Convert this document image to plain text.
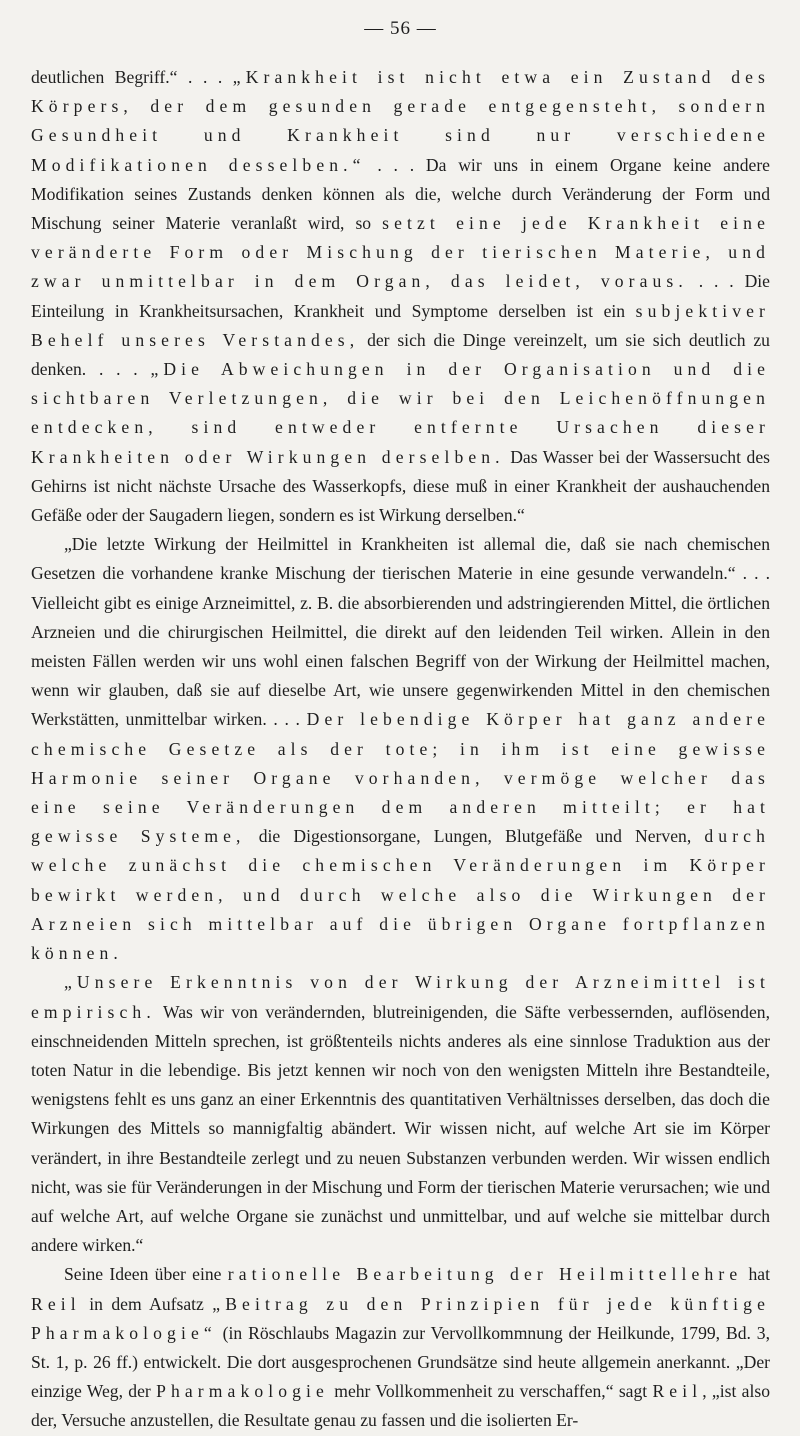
— 56 —

deutlichen Begriff.“ . . . „Krankheit ist nicht etwa ein Zustand des Körpers, der dem gesunden gerade entgegensteht, sondern Gesundheit und Krankheit sind nur verschiedene Modifikationen desselben.“ . . . Da wir uns in einem Organe keine andere Modifikation seines Zustands denken können als die, welche durch Veränderung der Form und Mischung seiner Materie veranlaßt wird, so setzt eine jede Krankheit eine veränderte Form oder Mischung der tierischen Materie, und zwar unmittelbar in dem Organ, das leidet, voraus. . . . Die Einteilung in Krankheitsursachen, Krankheit und Symptome derselben ist ein subjektiver Behelf unseres Verstandes, der sich die Dinge vereinzelt, um sie sich deutlich zu denken. . . . „Die Abweichungen in der Organisation und die sichtbaren Verletzungen, die wir bei den Leichenöffnungen entdecken, sind entweder entfernte Ursachen dieser Krankheiten oder Wirkungen derselben. Das Wasser bei der Wassersucht des Gehirns ist nicht nächste Ursache des Wasserkopfs, diese muß in einer Krankheit der aushauchenden Gefäße oder der Saugadern liegen, sondern es ist Wirkung derselben.“

„Die letzte Wirkung der Heilmittel in Krankheiten ist allemal die, daß sie nach chemischen Gesetzen die vorhandene kranke Mischung der tierischen Materie in eine gesunde verwandeln.“ . . . Vielleicht gibt es einige Arzneimittel, z. B. die absorbierenden und adstringierenden Mittel, die örtlichen Arzneien und die chirurgischen Heilmittel, die direkt auf den leidenden Teil wirken. Allein in den meisten Fällen werden wir uns wohl einen falschen Begriff von der Wirkung der Heilmittel machen, wenn wir glauben, daß sie auf dieselbe Art, wie unsere gegenwirkenden Mittel in den chemischen Werkstätten, unmittelbar wirken. . . . Der lebendige Körper hat ganz andere chemische Gesetze als der tote; in ihm ist eine gewisse Harmonie seiner Organe vorhanden, vermöge welcher das eine seine Veränderungen dem anderen mitteilt; er hat gewisse Systeme, die Digestionsorgane, Lungen, Blutgefäße und Nerven, durch welche zunächst die chemischen Veränderungen im Körper bewirkt werden, und durch welche also die Wirkungen der Arzneien sich mittelbar auf die übrigen Organe fortpflanzen können.

„Unsere Erkenntnis von der Wirkung der Arzneimittel ist empirisch. Was wir von verändernden, blutreinigenden, die Säfte verbessernden, auflösenden, einschneidenden Mitteln sprechen, ist größtenteils nichts anderes als eine sinnlose Traduktion aus der toten Natur in die lebendige. Bis jetzt kennen wir noch von den wenigsten Mitteln ihre Bestandteile, wenigstens fehlt es uns ganz an einer Erkenntnis des quantitativen Verhältnisses derselben, das doch die Wirkungen des Mittels so mannigfaltig abändert. Wir wissen nicht, auf welche Art sie im Körper verändert, in ihre Bestandteile zerlegt und zu neuen Substanzen verbunden werden. Wir wissen endlich nicht, was sie für Veränderungen in der Mischung und Form der tierischen Materie verursachen; wie und auf welche Art, auf welche Organe sie zunächst und unmittelbar, und auf welche sie mittelbar durch andere wirken.“

Seine Ideen über eine rationelle Bearbeitung der Heilmittellehre hat Reil in dem Aufsatz „Beitrag zu den Prinzipien für jede künftige Pharmakologie“ (in Röschlaubs Magazin zur Vervollkommnung der Heilkunde, 1799, Bd. 3, St. 1, p. 26 ff.) entwickelt. Die dort ausgesprochenen Grundsätze sind heute allgemein anerkannt. „Der einzige Weg, der Pharmakologie mehr Vollkommenheit zu verschaffen,“ sagt Reil, „ist also der, Versuche anzustellen, die Resultate genau zu fassen und die isolierten Er-
